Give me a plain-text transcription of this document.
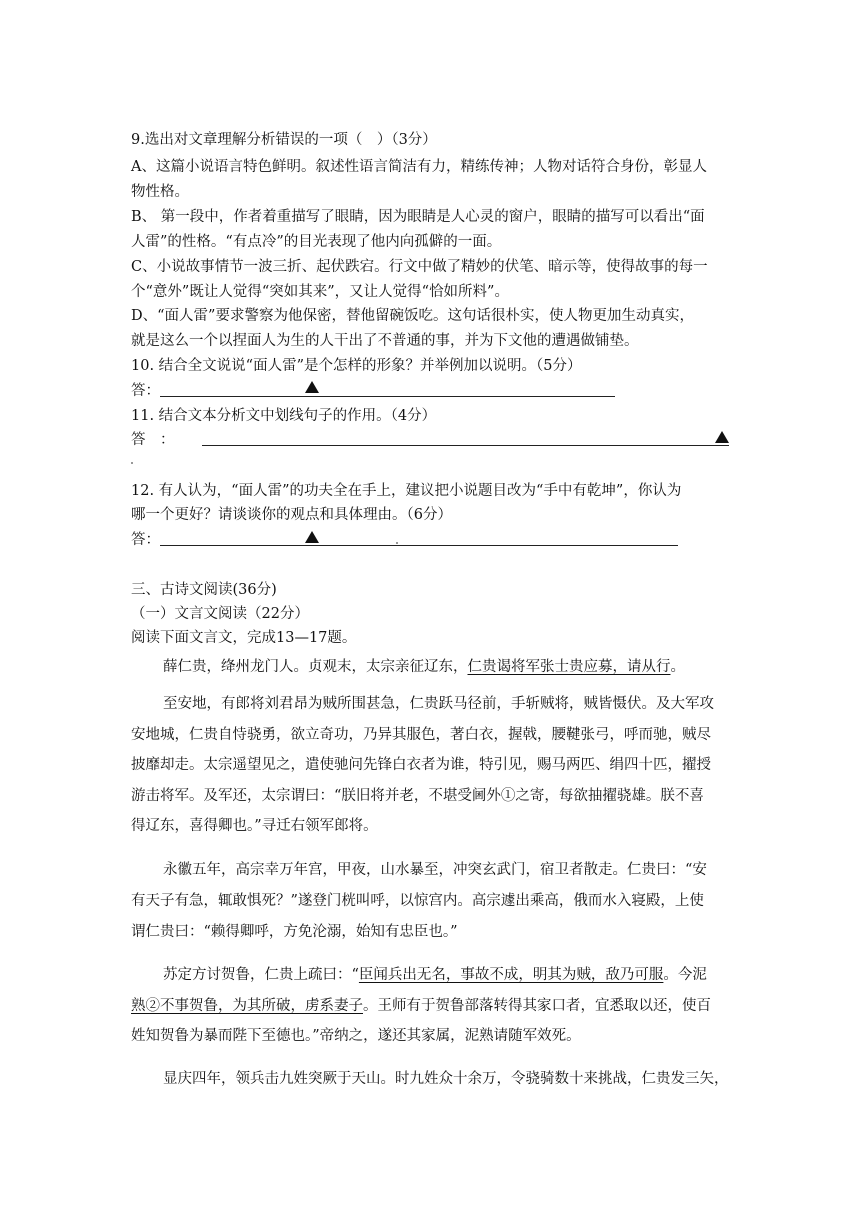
9.选出对文章理解分析错误的一项（　）（3分）

A、这篇小说语言特色鲜明。叙述性语言简洁有力，精练传神；人物对话符合身份，彰显人

物性格。

B、 第一段中，作者着重描写了眼睛，因为眼睛是人心灵的窗户，眼睛的描写可以看出“面

人雷”的性格。“有点冷”的目光表现了他内向孤僻的一面。

C、小说故事情节一波三折、起伏跌宕。行文中做了精妙的伏笔、暗示等，使得故事的每一

个“意外”既让人觉得“突如其来”，又让人觉得“恰如所料”。

D、“面人雷”要求警察为他保密，替他留碗饭吃。这句话很朴实，使人物更加生动真实，

就是这么一个以捏面人为生的人干出了不普通的事，并为下文他的遭遇做铺垫。

10. 结合全文说说“面人雷”是个怎样的形象？并举例加以说明。（5分）

答：

11. 结合文本分析文中划线句子的作用。（4分）

答　：

12. 有人认为，“面人雷”的功夫全在手上，建议把小说题目改为“手中有乾坤”，你认为

哪一个更好？请谈谈你的观点和具体理由。（6分）

答：

三、古诗文阅读(36分)

（一）文言文阅读（22分）

阅读下面文言文，完成13—17题。

薛仁贵，绛州龙门人。贞观末，太宗亲征辽东，仁贵谒将军张士贵应募，请从行。

至安地，有郎将刘君昂为贼所围甚急，仁贵跃马径前，手斩贼将，贼皆慑伏。及大军攻

安地城，仁贵自恃骁勇，欲立奇功，乃异其服色，著白衣，握戟，腰鞬张弓，呼而驰，贼尽

披靡却走。太宗遥望见之，遣使驰问先锋白衣者为谁，特引见，赐马两匹、绢四十匹，擢授

游击将军。及军还，太宗谓曰：“朕旧将并老，不堪受阃外①之寄，每欲抽擢骁雄。朕不喜

得辽东，喜得卿也。”寻迁右领军郎将。

永徽五年，高宗幸万年宫，甲夜，山水暴至，冲突玄武门，宿卫者散走。仁贵曰：“安

有天子有急，辄敢惧死？”遂登门桄叫呼，以惊宫内。高宗遽出乘高，俄而水入寝殿，上使

谓仁贵曰：“赖得卿呼，方免沦溺，始知有忠臣也。”

苏定方讨贺鲁，仁贵上疏曰：“臣闻兵出无名，事故不成，明其为贼，敌乃可服。今泥

熟②不事贺鲁，为其所破，虏系妻子。王师有于贺鲁部落转得其家口者，宜悉取以还，使百

姓知贺鲁为暴而陛下至德也。”帝纳之，遂还其家属，泥熟请随军效死。

显庆四年，领兵击九姓突厥于天山。时九姓众十余万，令骁骑数十来挑战，仁贵发三矢，
